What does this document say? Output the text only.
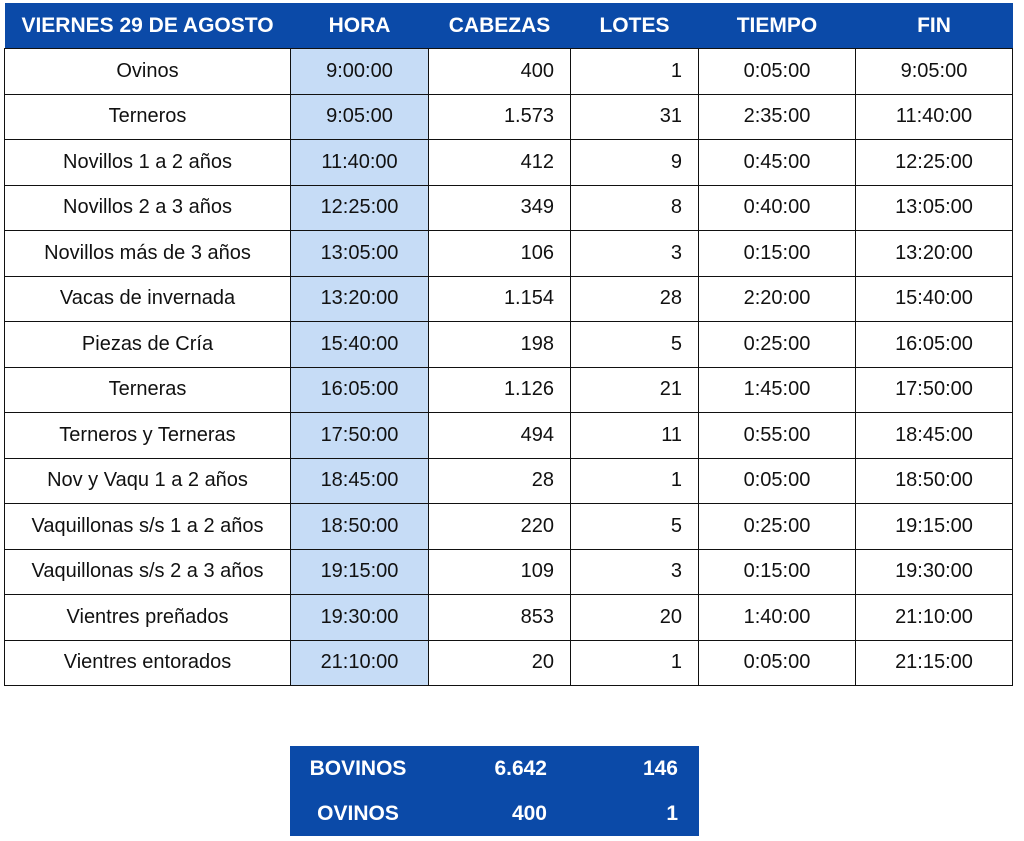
VIERNES 29 DE AGOSTO	HORA	CABEZAS	LOTES	TIEMPO	FIN
Ovinos	9:00:00	400	1	0:05:00	9:05:00
Terneros	9:05:00	1.573	31	2:35:00	11:40:00
Novillos 1 a 2 años	11:40:00	412	9	0:45:00	12:25:00
Novillos 2 a 3 años	12:25:00	349	8	0:40:00	13:05:00
Novillos más de 3 años	13:05:00	106	3	0:15:00	13:20:00
Vacas de invernada	13:20:00	1.154	28	2:20:00	15:40:00
Piezas de Cría	15:40:00	198	5	0:25:00	16:05:00
Terneras	16:05:00	1.126	21	1:45:00	17:50:00
Terneros y Terneras	17:50:00	494	11	0:55:00	18:45:00
Nov y Vaqu 1 a 2 años	18:45:00	28	1	0:05:00	18:50:00
Vaquillonas s/s 1 a 2 años	18:50:00	220	5	0:25:00	19:15:00
Vaquillonas s/s 2 a 3 años	19:15:00	109	3	0:15:00	19:30:00
Vientres preñados	19:30:00	853	20	1:40:00	21:10:00
Vientres entorados	21:10:00	20	1	0:05:00	21:15:00
BOVINOS	6.642	146
OVINOS	400	1
